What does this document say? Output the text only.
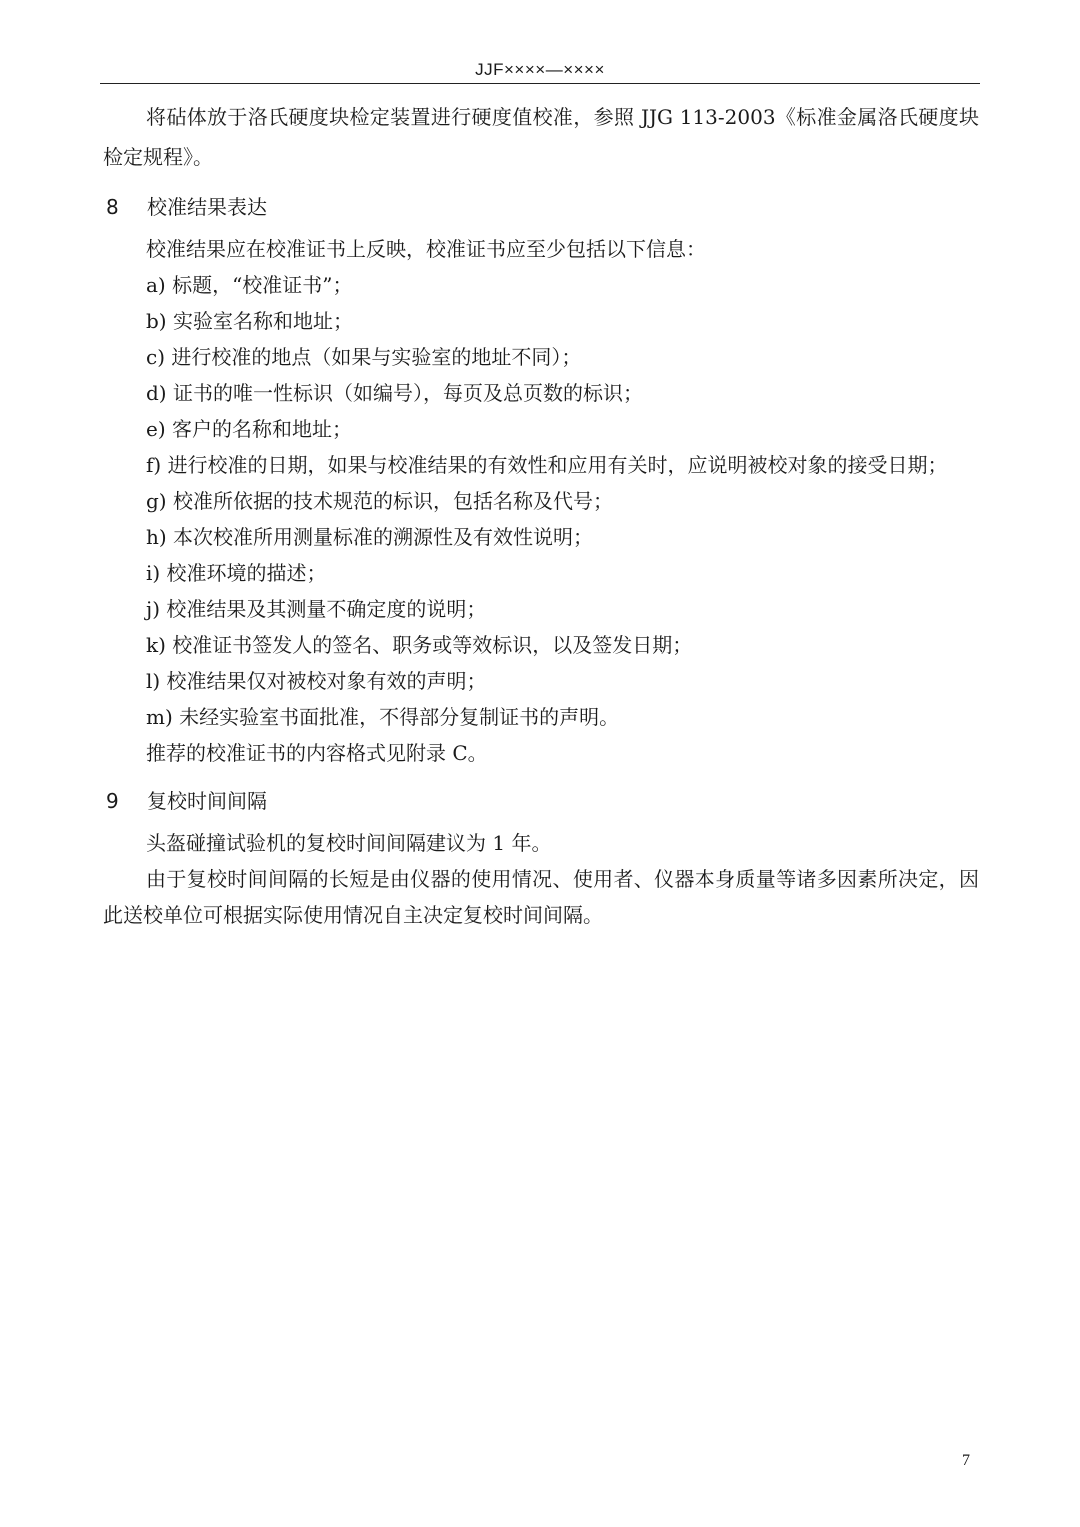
JJF××××—××××

将砧体放于洛氏硬度块检定装置进行硬度值校准，参照 JJG 113-2003《标准金属洛氏硬度块检定规程》。

8	校准结果表达

校准结果应在校准证书上反映，校准证书应至少包括以下信息：

a) 标题，“校准证书”；
b) 实验室名称和地址；
c) 进行校准的地点（如果与实验室的地址不同）；
d) 证书的唯一性标识（如编号），每页及总页数的标识；
e) 客户的名称和地址；
f) 进行校准的日期，如果与校准结果的有效性和应用有关时，应说明被校对象的接受日期；
g) 校准所依据的技术规范的标识，包括名称及代号；
h) 本次校准所用测量标准的溯源性及有效性说明；
i) 校准环境的描述；
j) 校准结果及其测量不确定度的说明；
k) 校准证书签发人的签名、职务或等效标识，以及签发日期；
l) 校准结果仅对被校对象有效的声明；
m) 未经实验室书面批准，不得部分复制证书的声明。

推荐的校准证书的内容格式见附录 C。

9	复校时间间隔

头盔碰撞试验机的复校时间间隔建议为 1 年。

由于复校时间间隔的长短是由仪器的使用情况、使用者、仪器本身质量等诸多因素所决定，因此送校单位可根据实际使用情况自主决定复校时间间隔。

7
